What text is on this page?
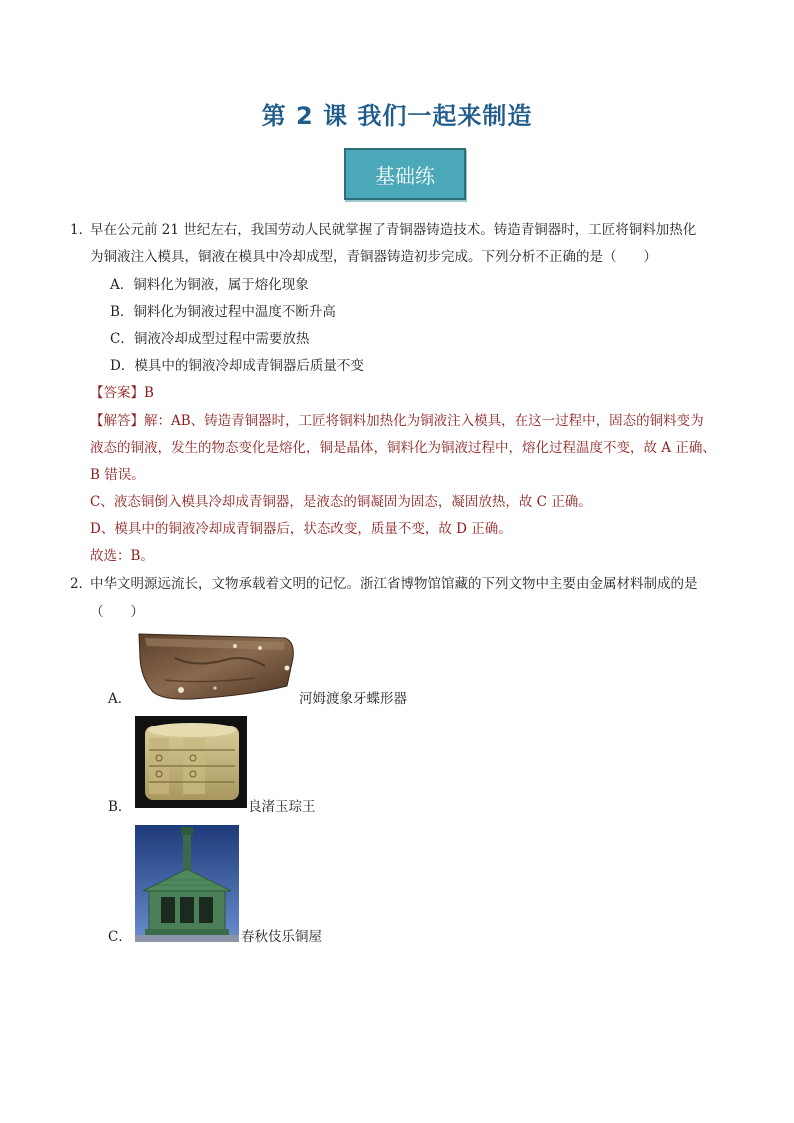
第 2 课 我们一起来制造
基础练
1．
早在公元前 21 世纪左右，我国劳动人民就掌握了青铜器铸造技术。铸造青铜器时，工匠将铜料加热化
为铜液注入模具，铜液在模具中冷却成型，青铜器铸造初步完成。下列分析不正确的是（　　）
A．铜料化为铜液，属于熔化现象
B．铜料化为铜液过程中温度不断升高
C．铜液冷却成型过程中需要放热
D．模具中的铜液冷却成青铜器后质量不变
【答案】B
【解答】解：AB、铸造青铜器时，工匠将铜料加热化为铜液注入模具，在这一过程中，固态的铜料变为
液态的铜液，发生的物态变化是熔化，铜是晶体，铜料化为铜液过程中，熔化过程温度不变，故 A 正确、
B 错误。
C、液态铜倒入模具冷却成青铜器，是液态的铜凝固为固态，凝固放热，故 C 正确。
D、模具中的铜液冷却成青铜器后，状态改变，质量不变，故 D 正确。
故选：B。
2．
中华文明源远流长，文物承载着文明的记忆。浙江省博物馆馆藏的下列文物中主要由金属材料制成的是
（　　）
A．	河姆渡象牙蝶形器
B．	良渚玉琮王
C．	春秋伎乐铜屋
